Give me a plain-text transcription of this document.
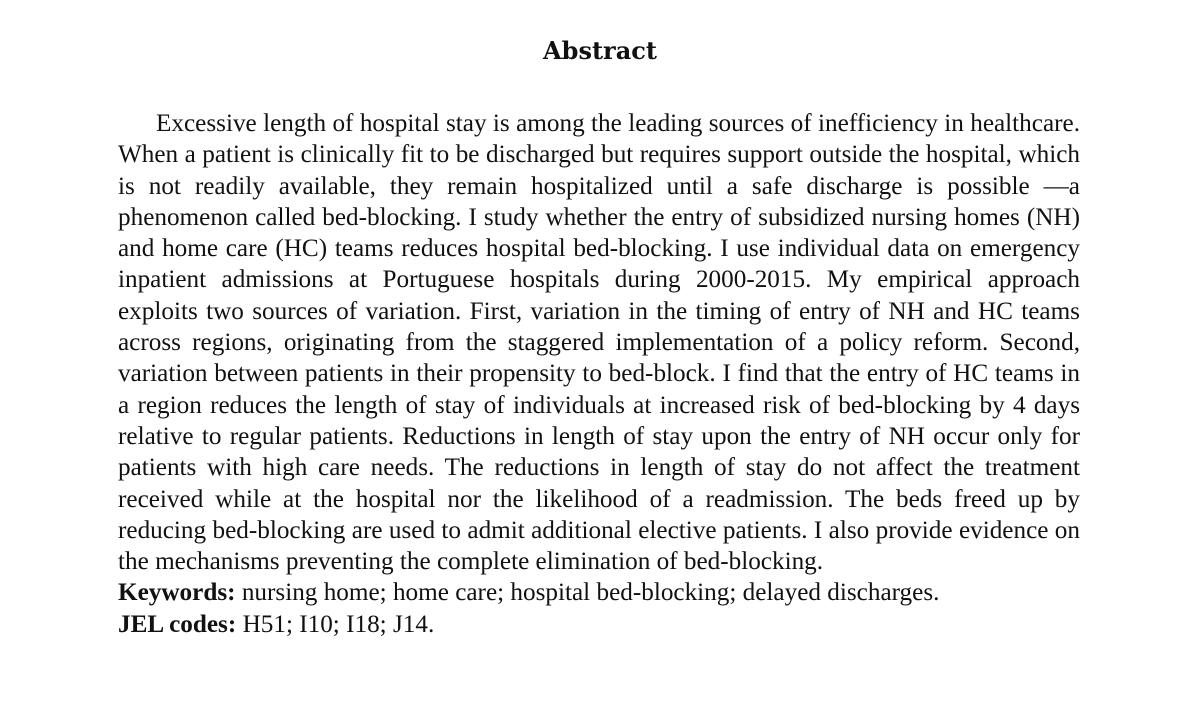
Abstract

Excessive length of hospital stay is among the leading sources of inefficiency in healthcare. When a patient is clinically fit to be discharged but requires support outside the hospital, which is not readily available, they remain hospitalized until a safe discharge is possible —a phenomenon called bed-blocking. I study whether the entry of subsidized nursing homes (NH) and home care (HC) teams reduces hospital bed-blocking. I use individual data on emergency inpatient admissions at Portuguese hospitals during 2000-2015. My empirical approach exploits two sources of variation. First, variation in the timing of entry of NH and HC teams across regions, originating from the staggered implementation of a policy reform. Second, variation between patients in their propensity to bed-block. I find that the entry of HC teams in a region reduces the length of stay of individuals at increased risk of bed-blocking by 4 days relative to regular patients. Reductions in length of stay upon the entry of NH occur only for patients with high care needs. The reductions in length of stay do not affect the treatment received while at the hospital nor the likelihood of a readmission. The beds freed up by reducing bed-blocking are used to admit additional elective patients. I also provide evidence on the mechanisms preventing the complete elimination of bed-blocking.

Keywords: nursing home; home care; hospital bed-blocking; delayed discharges.

JEL codes: H51; I10; I18; J14.
